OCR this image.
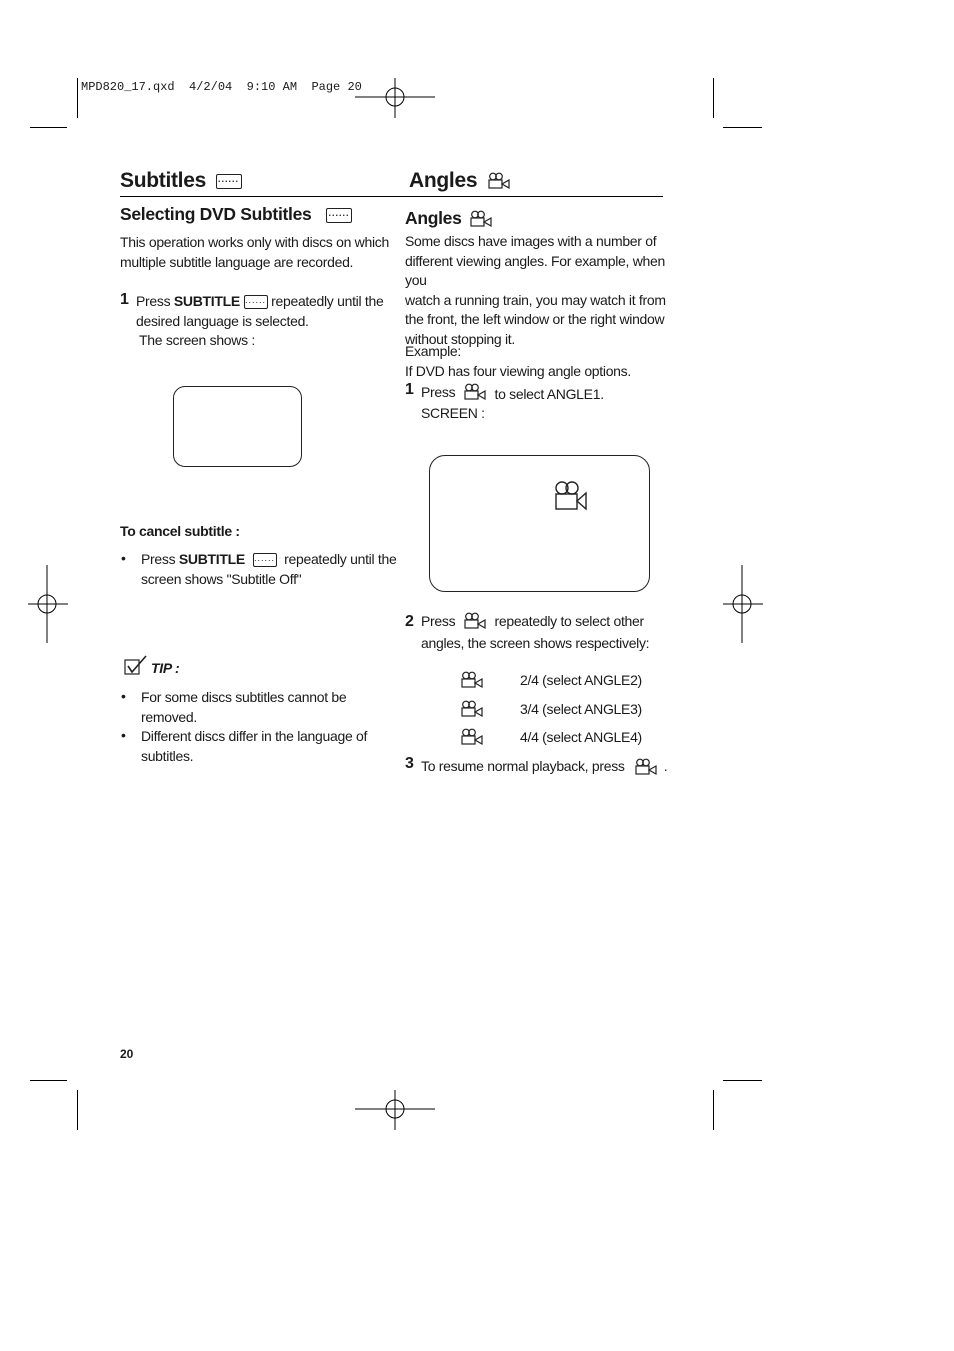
MPD820_17.qxd  4/2/04  9:10 AM  Page 20
Subtitles ......	Angles
Selecting DVD Subtitles ......
This operation works only with discs on which
multiple subtitle language are recorded.
1 Press SUBTITLE ...... repeatedly until the
desired language is selected.
The screen shows :
To cancel subtitle :
• Press SUBTITLE ...... repeatedly until the
screen shows "Subtitle Off"
TIP :
• For some discs subtitles cannot be
removed.
• Different discs differ in the language of
subtitles.
Angles
Some discs have images with a number of
different viewing angles. For example, when you
watch a running train, you may watch it from
the front, the left window or the right window
without stopping it.
Example:
If DVD has four viewing angle options.
1 Press	to select ANGLE1.
SCREEN :
2 Press	repeatedly to select other
angles, the screen shows respectively:
2/4 (select ANGLE2)
3/4 (select ANGLE3)
4/4 (select ANGLE4)
3 To resume normal playback, press	.
20
